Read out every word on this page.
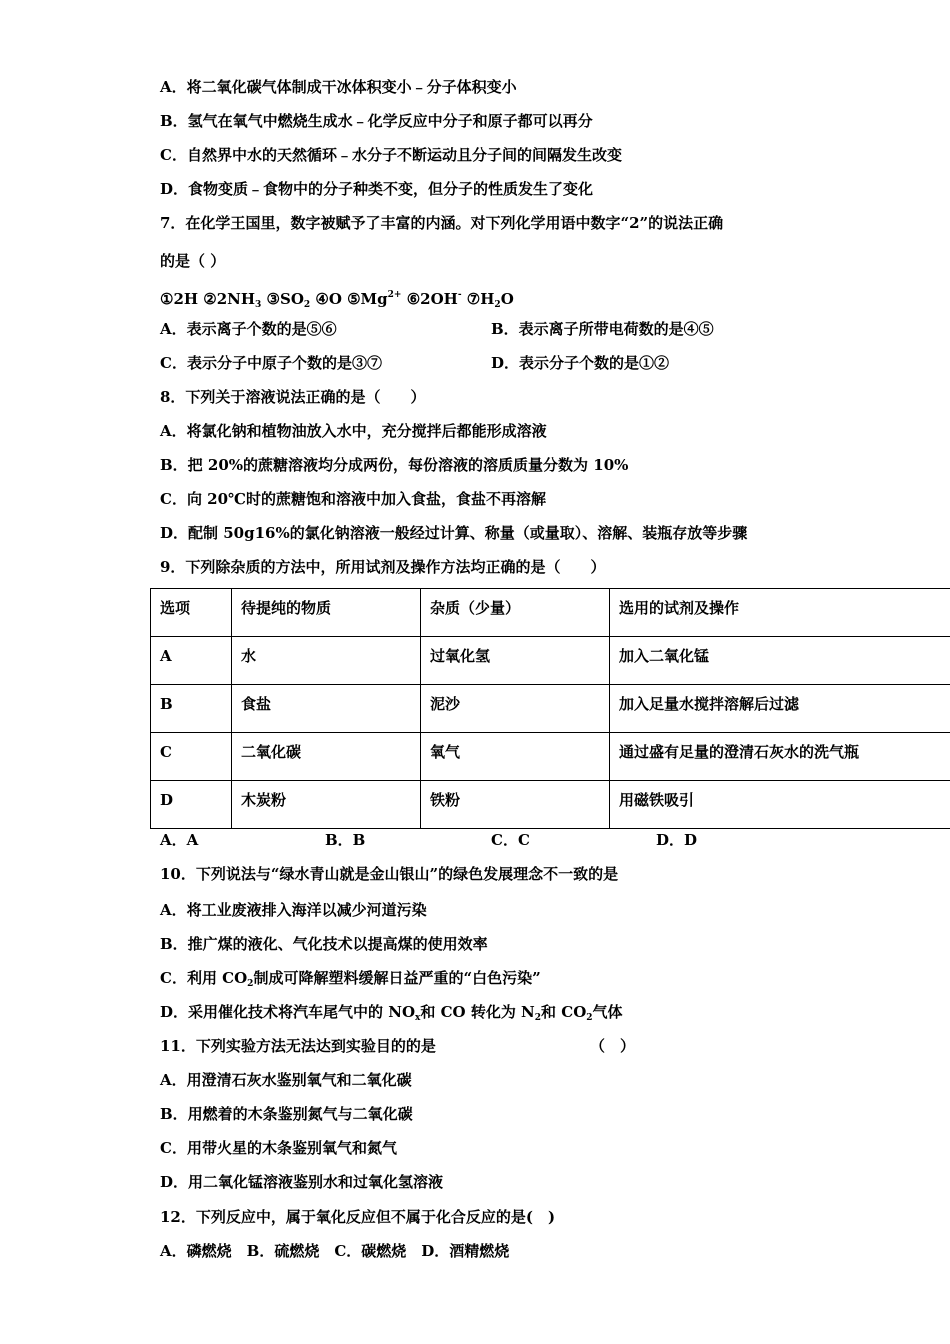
A．将二氧化碳气体制成干冰体积变小﹣分子体积变小
B．氢气在氧气中燃烧生成水﹣化学反应中分子和原子都可以再分
C．自然界中水的天然循环﹣水分子不断运动且分子间的间隔发生改变
D．食物变质﹣食物中的分子种类不变，但分子的性质发生了变化
7．在化学王国里，数字被赋予了丰富的内涵。对下列化学用语中数字“2”的说法正确
的是（ ）
①2H $②2NH_3$ $③SO_2$ ④O $⑤Mg^{2+}$ ⑥2OH- $⑦H_2O$
A．表示离子个数的是⑤⑥	B．表示离子所带电荷数的是④⑤
C．表示分子中原子个数的是③⑦	D．表示分子个数的是①②
8．下列关于溶液说法正确的是（　　）
A．将氯化钠和植物油放入水中，充分搅拌后都能形成溶液
B．把 20%的蔗糖溶液均分成两份，每份溶液的溶质质量分数为 10%
C．向 20℃时的蔗糖饱和溶液中加入食盐，食盐不再溶解
D．配制 50g16%的氯化钠溶液一般经过计算、称量（或量取）、溶解、装瓶存放等步骤
9．下列除杂质的方法中，所用试剂及操作方法均正确的是（　　）
选项	待提纯的物质	杂质（少量）	选用的试剂及操作
A	水	过氧化氢	加入二氧化锰
B	食盐	泥沙	加入足量水搅拌溶解后过滤
C	二氧化碳	氧气	通过盛有足量的澄清石灰水的洗气瓶
D	木炭粉	铁粉	用磁铁吸引
A．A	B．B	C．C	D．D
10．下列说法与“绿水青山就是金山银山”的绿色发展理念不一致的是
A．将工业废液排入海洋以减少河道污染
B．推广煤的液化、气化技术以提高煤的使用效率
C．利用 $CO_2$制成可降解塑料缓解日益严重的“白色污染”
D．采用催化技术将汽车尾气中的 $NO_x$和 CO 转化为 $N_2$和 $CO_2$气体
11．下列实验方法无法达到实验目的的是	（　）
A．用澄清石灰水鉴别氧气和二氧化碳
B．用燃着的木条鉴别氮气与二氧化碳
C．用带火星的木条鉴别氧气和氮气
D．用二氧化锰溶液鉴别水和过氧化氢溶液
12．下列反应中，属于氧化反应但不属于化合反应的是(　)
A．磷燃烧　B．硫燃烧　C．碳燃烧　D．酒精燃烧
